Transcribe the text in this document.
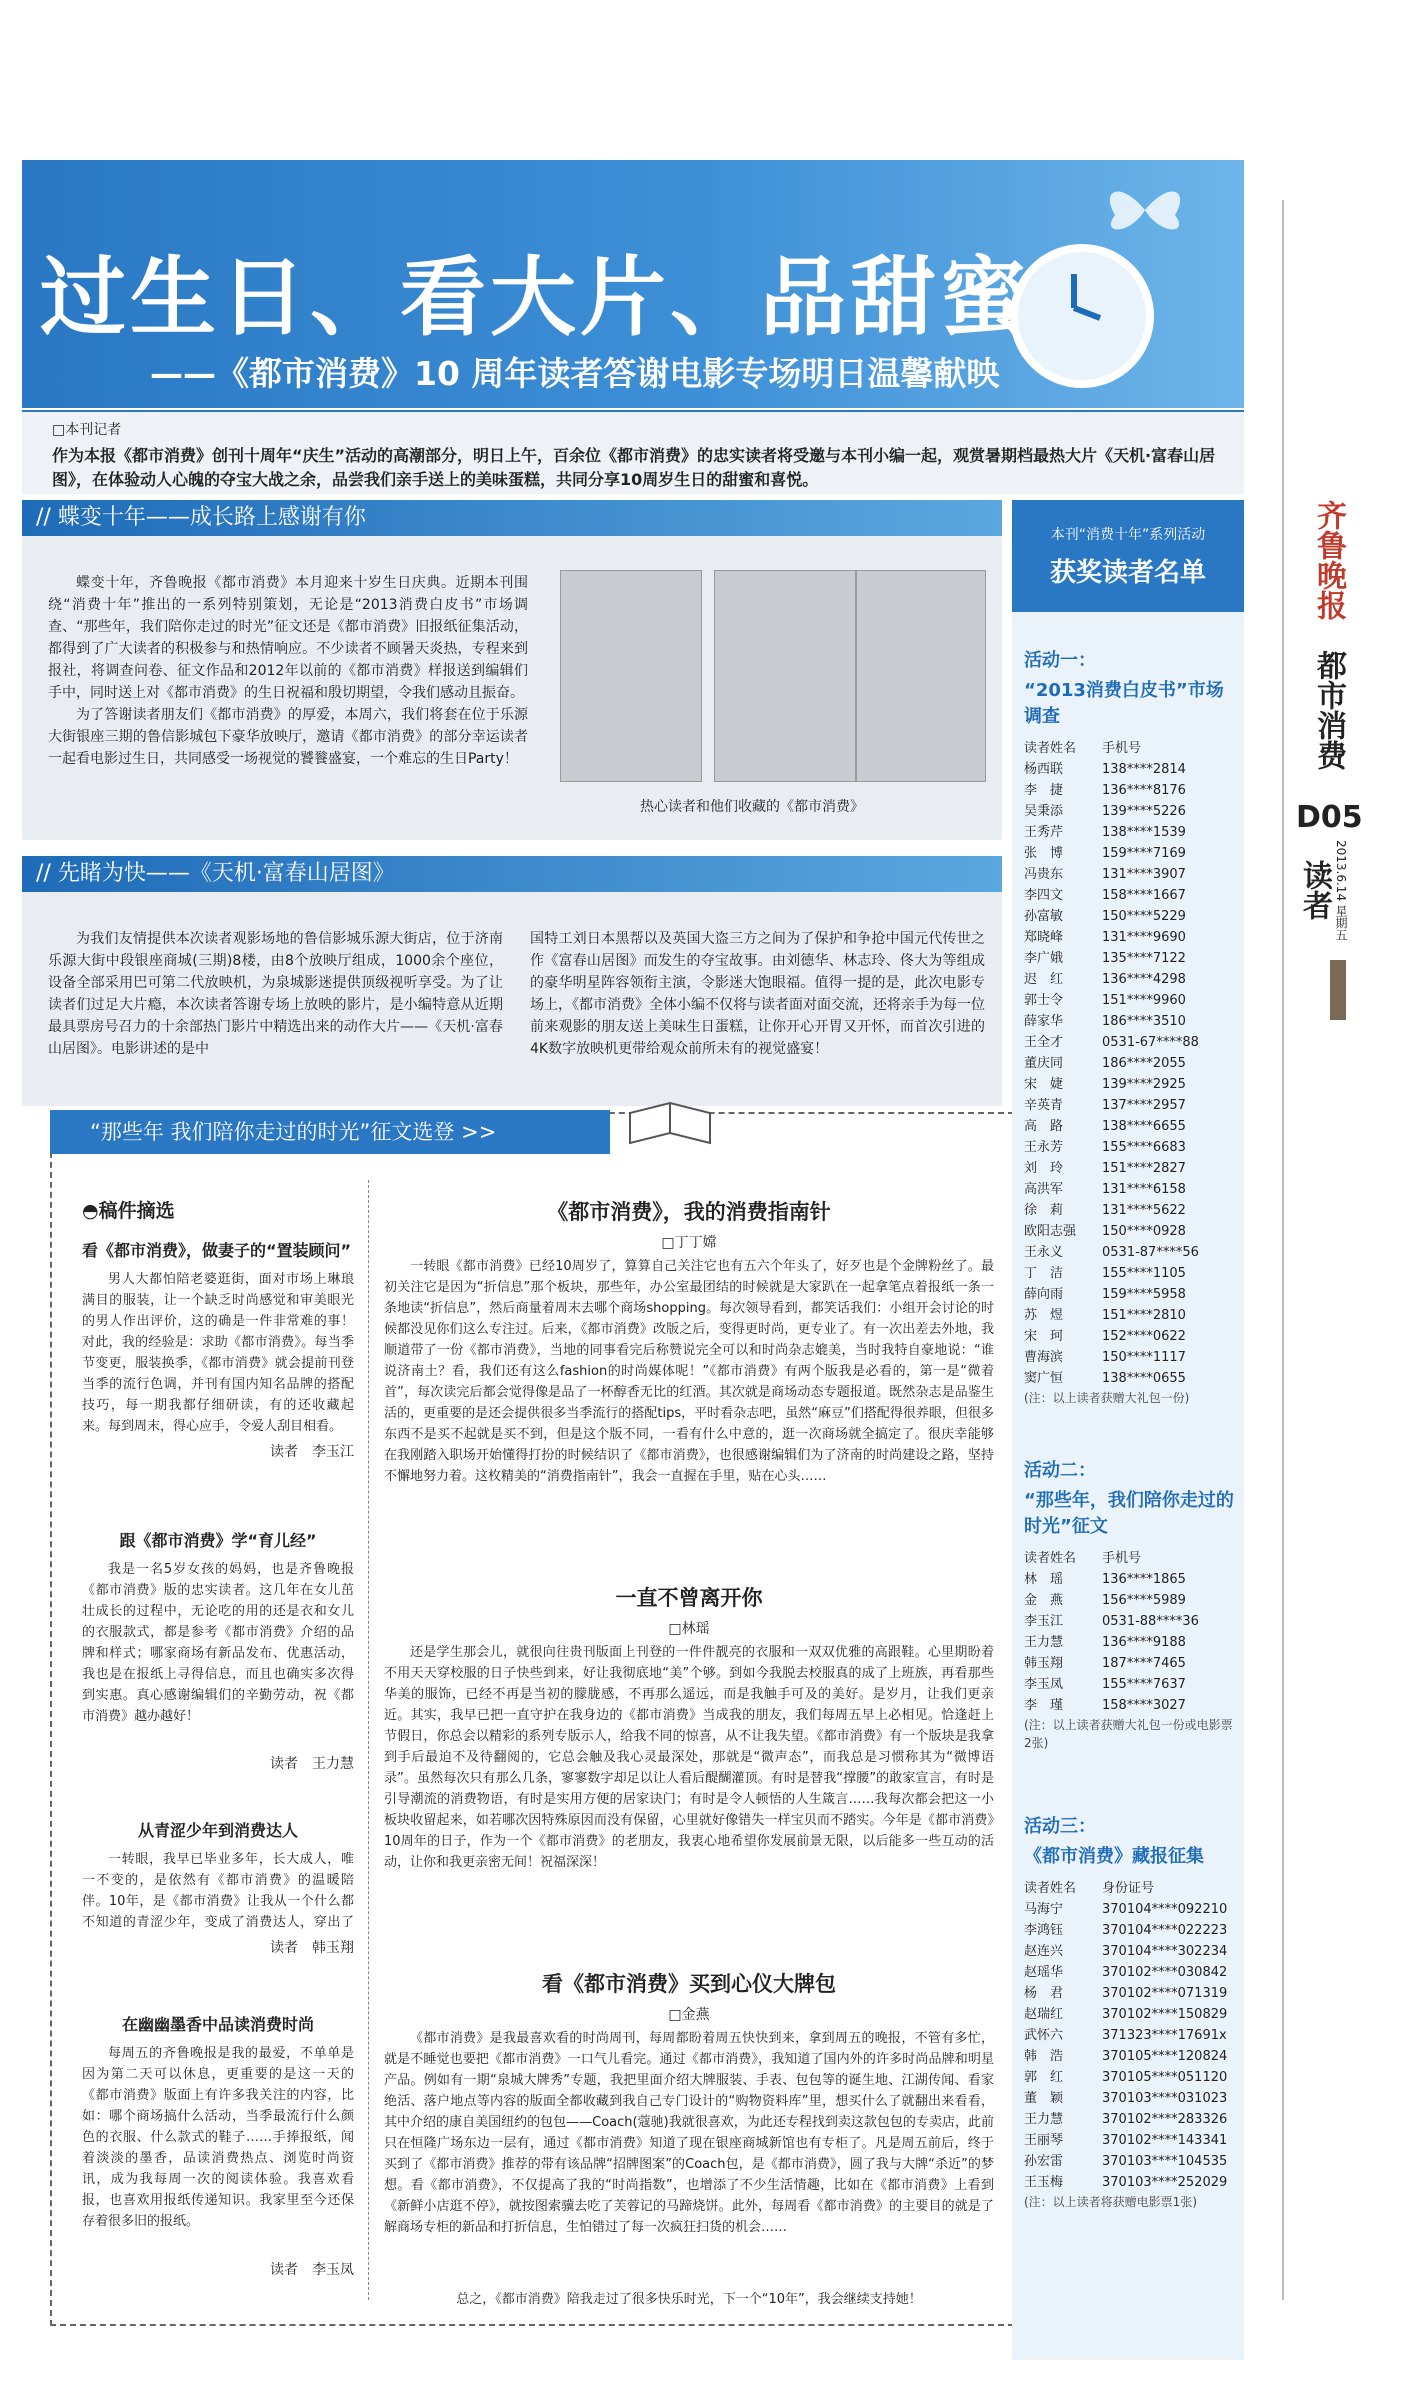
过生日、看大片、品甜蜜
——《都市消费》10 周年读者答谢电影专场明日温馨献映
□本刊记者
作为本报《都市消费》创刊十周年“庆生”活动的高潮部分，明日上午，百余位《都市消费》的忠实读者将受邀与本刊小编一起，观赏暑期档最热大片《天机·富春山居图》，在体验动人心魄的夺宝大战之余，品尝我们亲手送上的美味蛋糕，共同分享10周岁生日的甜蜜和喜悦。
// 蝶变十年——成长路上感谢有你
蝶变十年，齐鲁晚报《都市消费》本月迎来十岁生日庆典。近期本刊围绕“消费十年”推出的一系列特别策划，无论是“2013消费白皮书”市场调查、“那些年，我们陪你走过的时光”征文还是《都市消费》旧报纸征集活动，都得到了广大读者的积极参与和热情响应。不少读者不顾暑天炎热，专程来到报社，将调查问卷、征文作品和2012年以前的《都市消费》样报送到编辑们手中，同时送上对《都市消费》的生日祝福和殷切期望，令我们感动且振奋。
为了答谢读者朋友们《都市消费》的厚爱，本周六，我们将套在位于乐源大街银座三期的鲁信影城包下豪华放映厅，邀请《都市消费》的部分幸运读者一起看电影过生日，共同感受一场视觉的饕餮盛宴，一个难忘的生日Party！
热心读者和他们收藏的《都市消费》
// 先睹为快——《天机·富春山居图》
为我们友情提供本次读者观影场地的鲁信影城乐源大街店，位于济南乐源大街中段银座商城(三期)8楼，由8个放映厅组成，1000余个座位，设备全部采用巴可第二代放映机，为泉城影迷提供顶级视听享受。为了让读者们过足大片瘾，本次读者答谢专场上放映的影片，是小编特意从近期最具票房号召力的十余部热门影片中精选出来的动作大片——《天机·富春山居图》。电影讲述的是中
国特工刘日本黑帮以及英国大盗三方之间为了保护和争抢中国元代传世之作《富春山居图》而发生的夺宝故事。由刘德华、林志玲、佟大为等组成的豪华明星阵容领衔主演，令影迷大饱眼福。值得一提的是，此次电影专场上，《都市消费》全体小编不仅将与读者面对面交流，还将亲手为每一位前来观影的朋友送上美味生日蛋糕，让你开心开胃又开怀，而首次引进的4K数字放映机更带给观众前所未有的视觉盛宴！
“那些年 我们陪你走过的时光”征文选登 >>
◓稿件摘选
看《都市消费》，做妻子的“置装顾问”
男人大都怕陪老婆逛街，面对市场上琳琅满目的服装，让一个缺乏时尚感觉和审美眼光的男人作出评价，这的确是一件非常难的事！对此，我的经验是：求助《都市消费》。每当季节变更，服装换季，《都市消费》就会提前刊登当季的流行色调，并刊有国内知名品牌的搭配技巧，每一期我都仔细研读，有的还收藏起来。每到周末，得心应手，令爱人刮目相看。
读者　李玉江
跟《都市消费》学“育儿经”
我是一名5岁女孩的妈妈，也是齐鲁晚报《都市消费》版的忠实读者。这几年在女儿茁壮成长的过程中，无论吃的用的还是衣和女儿的衣服款式，都是参考《都市消费》介绍的品牌和样式；哪家商场有新品发布、优惠活动，我也是在报纸上寻得信息，而且也确实多次得到实惠。真心感谢编辑们的辛勤劳动，祝《都市消费》越办越好！
读者　王力慧
从青涩少年到消费达人
一转眼，我早已毕业多年，长大成人，唯一不变的，是依然有《都市消费》的温暖陪伴。10年，是《都市消费》让我从一个什么都不知道的青涩少年，变成了消费达人，穿出了
读者　韩玉翔
在幽幽墨香中品读消费时尚
每周五的齐鲁晚报是我的最爱，不单单是因为第二天可以休息，更重要的是这一天的《都市消费》版面上有许多我关注的内容，比如：哪个商场搞什么活动，当季最流行什么颜色的衣服、什么款式的鞋子……手捧报纸，闻着淡淡的墨香，品读消费热点、浏览时尚资讯，成为我每周一次的阅读体验。我喜欢看报，也喜欢用报纸传递知识。我家里至今还保存着很多旧的报纸。
读者　李玉凤
《都市消费》，我的消费指南针
□丁丁嫦
一转眼《都市消费》已经10周岁了，算算自己关注它也有五六个年头了，好歹也是个金牌粉丝了。最初关注它是因为“折信息”那个板块，那些年，办公室最团结的时候就是大家趴在一起拿笔点着报纸一条一条地读“折信息”，然后商量着周末去哪个商场shopping。每次领导看到，都笑话我们：小组开会讨论的时候都没见你们这么专注过。后来，《都市消费》改版之后，变得更时尚，更专业了。有一次出差去外地，我顺道带了一份《都市消费》，当地的同事看完后称赞说完全可以和时尚杂志媲美，当时我特自豪地说：“谁说济南土？看，我们还有这么fashion的时尚媒体呢！”《都市消费》有两个版我是必看的，第一是“微着首”，每次读完后都会觉得像是品了一杯醇香无比的红酒。其次就是商场动态专题报道。既然杂志是品鉴生活的，更重要的是还会提供很多当季流行的搭配tips，平时看杂志吧，虽然“麻豆”们搭配得很养眼，但很多东西不是买不起就是买不到，但是这个版不同，一看有什么中意的，逛一次商场就全搞定了。很庆幸能够在我刚踏入职场开始懂得打扮的时候结识了《都市消费》，也很感谢编辑们为了济南的时尚建设之路，坚持不懈地努力着。这枚精美的“消费指南针”，我会一直握在手里，贴在心头……
一直不曾离开你
□林瑶
还是学生那会儿，就很向往贵刊版面上刊登的一件件靓亮的衣服和一双双优雅的高跟鞋。心里期盼着不用天天穿校服的日子快些到来，好让我彻底地“美”个够。到如今我脱去校服真的成了上班族，再看那些华美的服饰，已经不再是当初的朦胧感，不再那么遥远，而是我触手可及的美好。是岁月，让我们更亲近。其实，我早已把一直守护在我身边的《都市消费》当成我的朋友，我们每周五早上必相见。恰逢赶上节假日，你总会以精彩的系列专版示人，给我不同的惊喜，从不让我失望。《都市消费》有一个版块是我拿到手后最迫不及待翻阅的，它总会触及我心灵最深处，那就是“微声态”，而我总是习惯称其为“微博语录”。虽然每次只有那么几条，寥寥数字却足以让人看后醍醐灌顶。有时是替我“撑腰”的敢家宣言，有时是引导潮流的消费物语，有时是实用方便的居家诀门；有时是令人顿悟的人生箴言……我每次都会把这一小板块收留起来，如若哪次因特殊原因而没有保留，心里就好像错失一样宝贝而不踏实。今年是《都市消费》10周年的日子，作为一个《都市消费》的老朋友，我衷心地希望你发展前景无限，以后能多一些互动的活动，让你和我更亲密无间！祝福深深！
看《都市消费》买到心仪大牌包
□金燕
《都市消费》是我最喜欢看的时尚周刊，每周都盼着周五快快到来，拿到周五的晚报，不管有多忙，就是不睡觉也要把《都市消费》一口气儿看完。通过《都市消费》，我知道了国内外的许多时尚品牌和明星产品。例如有一期“泉城大牌秀”专题，我把里面介绍大牌服装、手表、包包等的诞生地、江湖传闻、看家绝活、落户地点等内容的版面全都收藏到我自己专门设计的“购物资料库”里，想买什么了就翻出来看看，其中介绍的康自美国纽约的包包——Coach(蔻驰)我就很喜欢，为此还专程找到卖这款包包的专卖店，此前只在恒隆广场东边一层有，通过《都市消费》知道了现在银座商城新馆也有专柜了。凡是周五前后，终于买到了《都市消费》推荐的带有该品牌“招牌图案”的Coach包，是《都市消费》，圆了我与大牌“杀近”的梦想。看《都市消费》，不仅提高了我的“时尚指数”，也增添了不少生活情趣，比如在《都市消费》上看到《新鲜小店逛不停》，就按图索骥去吃了芙蓉记的马蹄烧饼。此外，每周看《都市消费》的主要目的就是了解商场专柜的新品和打折信息，生怕错过了每一次疯狂扫货的机会……
总之，《都市消费》陪我走过了很多快乐时光，下一个“10年”，我会继续支持她！
本刊“消费十年”系列活动
获奖读者名单
活动一：
“2013消费白皮书”市场调查
读者姓名	手机号
杨西联	138****2814
李　捷	136****8176
吴秉添	139****5226
王秀芹	138****1539
张　博	159****7169
冯贵东	131****3907
李四文	158****1667
孙富敏	150****5229
郑晓峰	131****9690
李广娥	135****7122
迟　红	136****4298
郭士令	151****9960
薛家华	186****3510
王全才	0531-67****88
董庆同	186****2055
宋　婕	139****2925
辛英青	137****2957
高　路	138****6655
王永芳	155****6683
刘　玲	151****2827
高洪军	131****6158
徐　莉	131****5622
欧阳志强	150****0928
王永义	0531-87****56
丁　洁	155****1105
薛向雨	159****5958
苏　煜	151****2810
宋　珂	152****0622
曹海滨	150****1117
窦广恒	138****0655
(注：以上读者获赠大礼包一份)
活动二：
“那些年，我们陪你走过的时光”征文
读者姓名	手机号
林　瑶	136****1865
金　燕	156****5989
李玉江	0531-88****36
王力慧	136****9188
韩玉翔	187****7465
李玉凤	155****7637
李　瑾	158****3027
(注：以上读者获赠大礼包一份或电影票2张)
活动三：
《都市消费》藏报征集
读者姓名	身份证号
马海宁	370104****092210
李鸿钰	370104****022223
赵连兴	370104****302234
赵瑶华	370102****030842
杨　君	370102****071319
赵瑞红	370102****150829
武怀六	371323****17691x
韩　浩	370105****120824
郭　红	370105****051120
董　颖	370103****031023
王力慧	370102****283326
王丽琴	370102****143341
孙宏雷	370103****104535
王玉梅	370103****252029
(注：以上读者将获赠电影票1张)
齐鲁晚报
都市消费
D05
2013.6.14 星期五
读者
